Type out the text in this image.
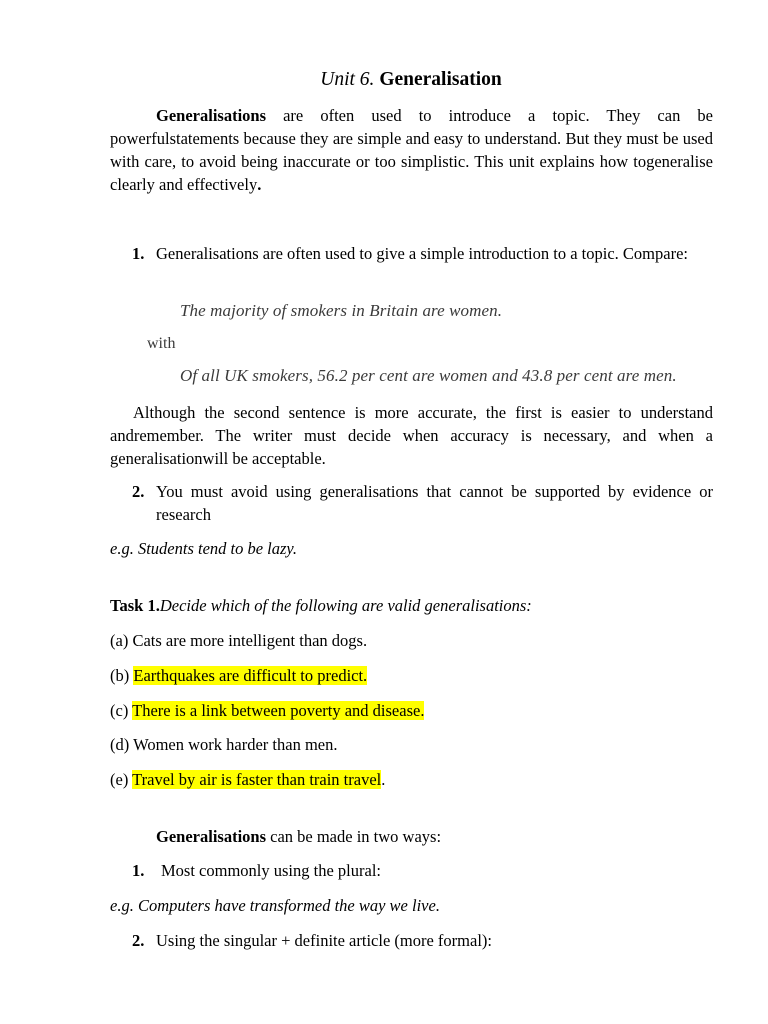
Unit 6. Generalisation

Generalisations are often used to introduce a topic. They can be powerfulstatements because they are simple and easy to understand. But they must be used with care, to avoid being inaccurate or too simplistic. This unit explains how togeneralise clearly and effectively.

1. Generalisations are often used to give a simple introduction to a topic. Compare:
The majority of smokers in Britain are women.
with
Of all UK smokers, 56.2 per cent are women and 43.8 per cent are men.

Although the second sentence is more accurate, the first is easier to understand andremember. The writer must decide when accuracy is necessary, and when a generalisationwill be acceptable.

2. You must avoid using generalisations that cannot be supported by evidence or research

e.g. Students tend to be lazy.

Task 1.Decide which of the following are valid generalisations:

(a) Cats are more intelligent than dogs.

(b) Earthquakes are difficult to predict.

(c) There is a link between poverty and disease.

(d) Women work harder than men.

(e) Travel by air is faster than train travel.

Generalisations can be made in two ways:

1. Most commonly using the plural:

e.g. Computers have transformed the way we live.

2. Using the singular + definite article (more formal):
